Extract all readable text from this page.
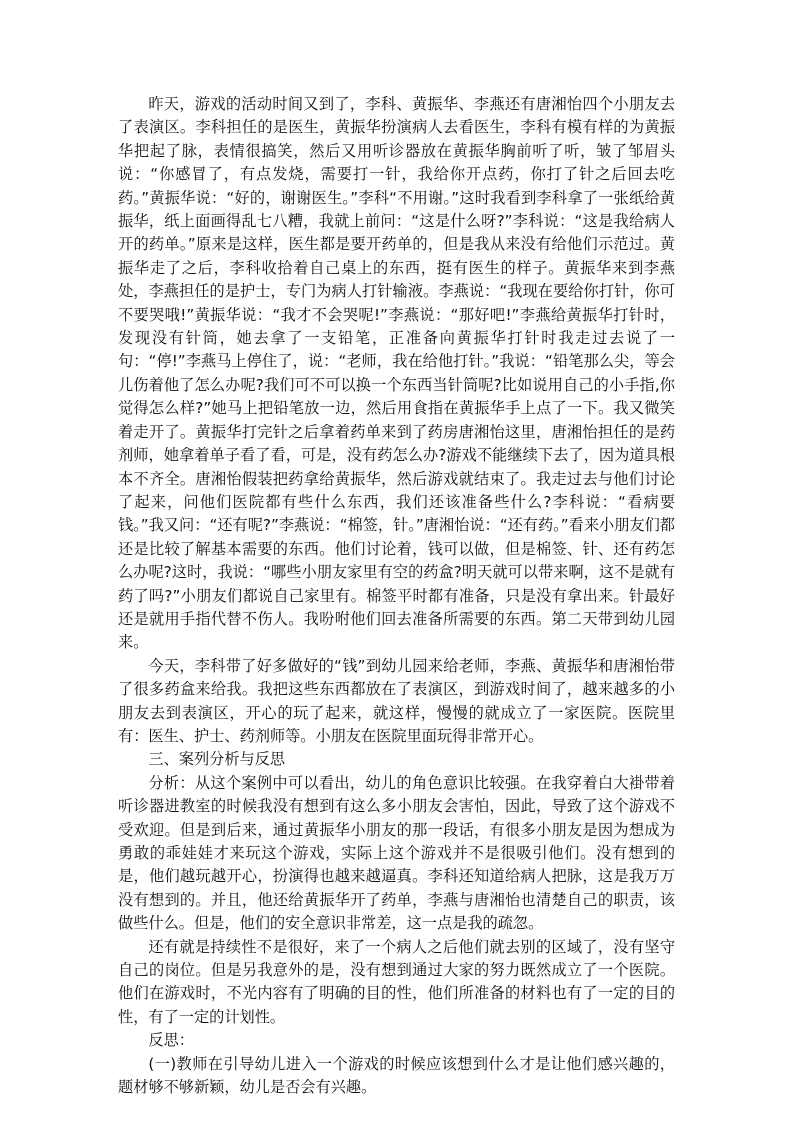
昨天，游戏的活动时间又到了，李科、黄振华、李燕还有唐湘怡四个小朋友去了表演区。李科担任的是医生，黄振华扮演病人去看医生，李科有模有样的为黄振华把起了脉，表情很搞笑，然后又用听诊器放在黄振华胸前听了听，皱了邹眉头说：“你感冒了，有点发烧，需要打一针，我给你开点药，你打了针之后回去吃药。”黄振华说：“好的，谢谢医生。”李科“不用谢。”这时我看到李科拿了一张纸给黄振华，纸上面画得乱七八糟，我就上前问：“这是什么呀?”李科说：“这是我给病人开的药单。”原来是这样，医生都是要开药单的，但是我从来没有给他们示范过。黄振华走了之后，李科收拾着自己桌上的东西，挺有医生的样子。黄振华来到李燕处，李燕担任的是护士，专门为病人打针输液。李燕说：“我现在要给你打针，你可不要哭哦!”黄振华说：“我才不会哭呢!”李燕说：“那好吧!”李燕给黄振华打针时，发现没有针筒，她去拿了一支铅笔，正准备向黄振华打针时我走过去说了一句：“停!”李燕马上停住了，说：“老师，我在给他打针。”我说：“铅笔那么尖，等会儿伤着他了怎么办呢?我们可不可以换一个东西当针筒呢?比如说用自己的小手指,你觉得怎么样?”她马上把铅笔放一边，然后用食指在黄振华手上点了一下。我又微笑着走开了。黄振华打完针之后拿着药单来到了药房唐湘怡这里，唐湘怡担任的是药剂师，她拿着单子看了看，可是，没有药怎么办?游戏不能继续下去了，因为道具根本不齐全。唐湘怡假装把药拿给黄振华，然后游戏就结束了。我走过去与他们讨论了起来，问他们医院都有些什么东西，我们还该准备些什么?李科说：“看病要钱。”我又问：“还有呢?”李燕说：“棉签，针。”唐湘怡说：“还有药。”看来小朋友们都还是比较了解基本需要的东西。他们讨论着，钱可以做，但是棉签、针、还有药怎么办呢?这时，我说：“哪些小朋友家里有空的药盒?明天就可以带来啊，这不是就有药了吗?”小朋友们都说自己家里有。棉签平时都有准备，只是没有拿出来。针最好还是就用手指代替不伤人。我吩咐他们回去准备所需要的东西。第二天带到幼儿园来。

今天，李科带了好多做好的“钱”到幼儿园来给老师，李燕、黄振华和唐湘怡带了很多药盒来给我。我把这些东西都放在了表演区，到游戏时间了，越来越多的小朋友去到表演区，开心的玩了起来，就这样，慢慢的就成立了一家医院。医院里有：医生、护士、药剂师等。小朋友在医院里面玩得非常开心。

三、案列分析与反思

分析：从这个案例中可以看出，幼儿的角色意识比较强。在我穿着白大褂带着听诊器进教室的时候我没有想到有这么多小朋友会害怕，因此，导致了这个游戏不受欢迎。但是到后来，通过黄振华小朋友的那一段话，有很多小朋友是因为想成为勇敢的乖娃娃才来玩这个游戏，实际上这个游戏并不是很吸引他们。没有想到的是，他们越玩越开心，扮演得也越来越逼真。李科还知道给病人把脉，这是我万万没有想到的。并且，他还给黄振华开了药单，李燕与唐湘怡也清楚自己的职责，该做些什么。但是，他们的安全意识非常差，这一点是我的疏忽。

还有就是持续性不是很好，来了一个病人之后他们就去别的区域了，没有坚守自己的岗位。但是另我意外的是，没有想到通过大家的努力既然成立了一个医院。他们在游戏时，不光内容有了明确的目的性，他们所准备的材料也有了一定的目的性，有了一定的计划性。

反思：

(一)教师在引导幼儿进入一个游戏的时候应该想到什么才是让他们感兴趣的，题材够不够新颖，幼儿是否会有兴趣。
